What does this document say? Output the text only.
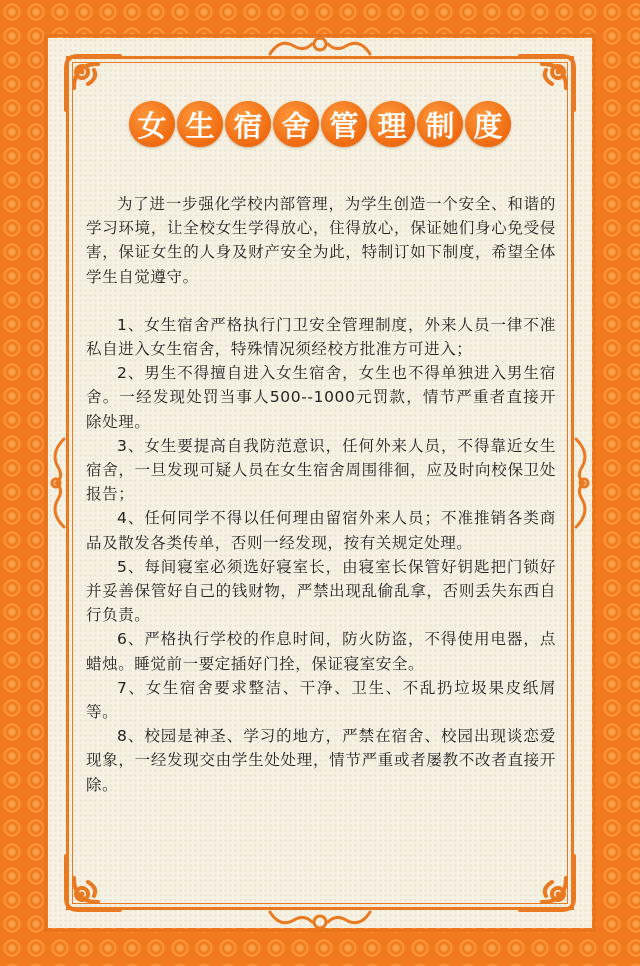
女 生 宿 舍 管 理 制 度

为了进一步强化学校内部管理，为学生创造一个安全、和谐的学习环境，让全校女生学得放心，住得放心，保证她们身心免受侵害，保证女生的人身及财产安全为此，特制订如下制度，希望全体学生自觉遵守。

1、女生宿舍严格执行门卫安全管理制度，外来人员一律不准私自进入女生宿舍，特殊情况须经校方批准方可进入；

2、男生不得擅自进入女生宿舍，女生也不得单独进入男生宿舍。一经发现处罚当事人500--1000元罚款，情节严重者直接开除处理。

3、女生要提高自我防范意识，任何外来人员，不得靠近女生宿舍，一旦发现可疑人员在女生宿舍周围徘徊，应及时向校保卫处报告；

4、任何同学不得以任何理由留宿外来人员；不准推销各类商品及散发各类传单，否则一经发现，按有关规定处理。

5、每间寝室必须选好寝室长，由寝室长保管好钥匙把门锁好并妥善保管好自己的钱财物，严禁出现乱偷乱拿，否则丢失东西自行负责。

6、严格执行学校的作息时间，防火防盗，不得使用电器，点蜡烛。睡觉前一要定插好门拴，保证寝室安全。

7、女生宿舍要求整洁、干净、卫生、不乱扔垃圾果皮纸屑等。

8、校园是神圣、学习的地方，严禁在宿舍、校园出现谈恋爱现象，一经发现交由学生处处理，情节严重或者屡教不改者直接开除。
